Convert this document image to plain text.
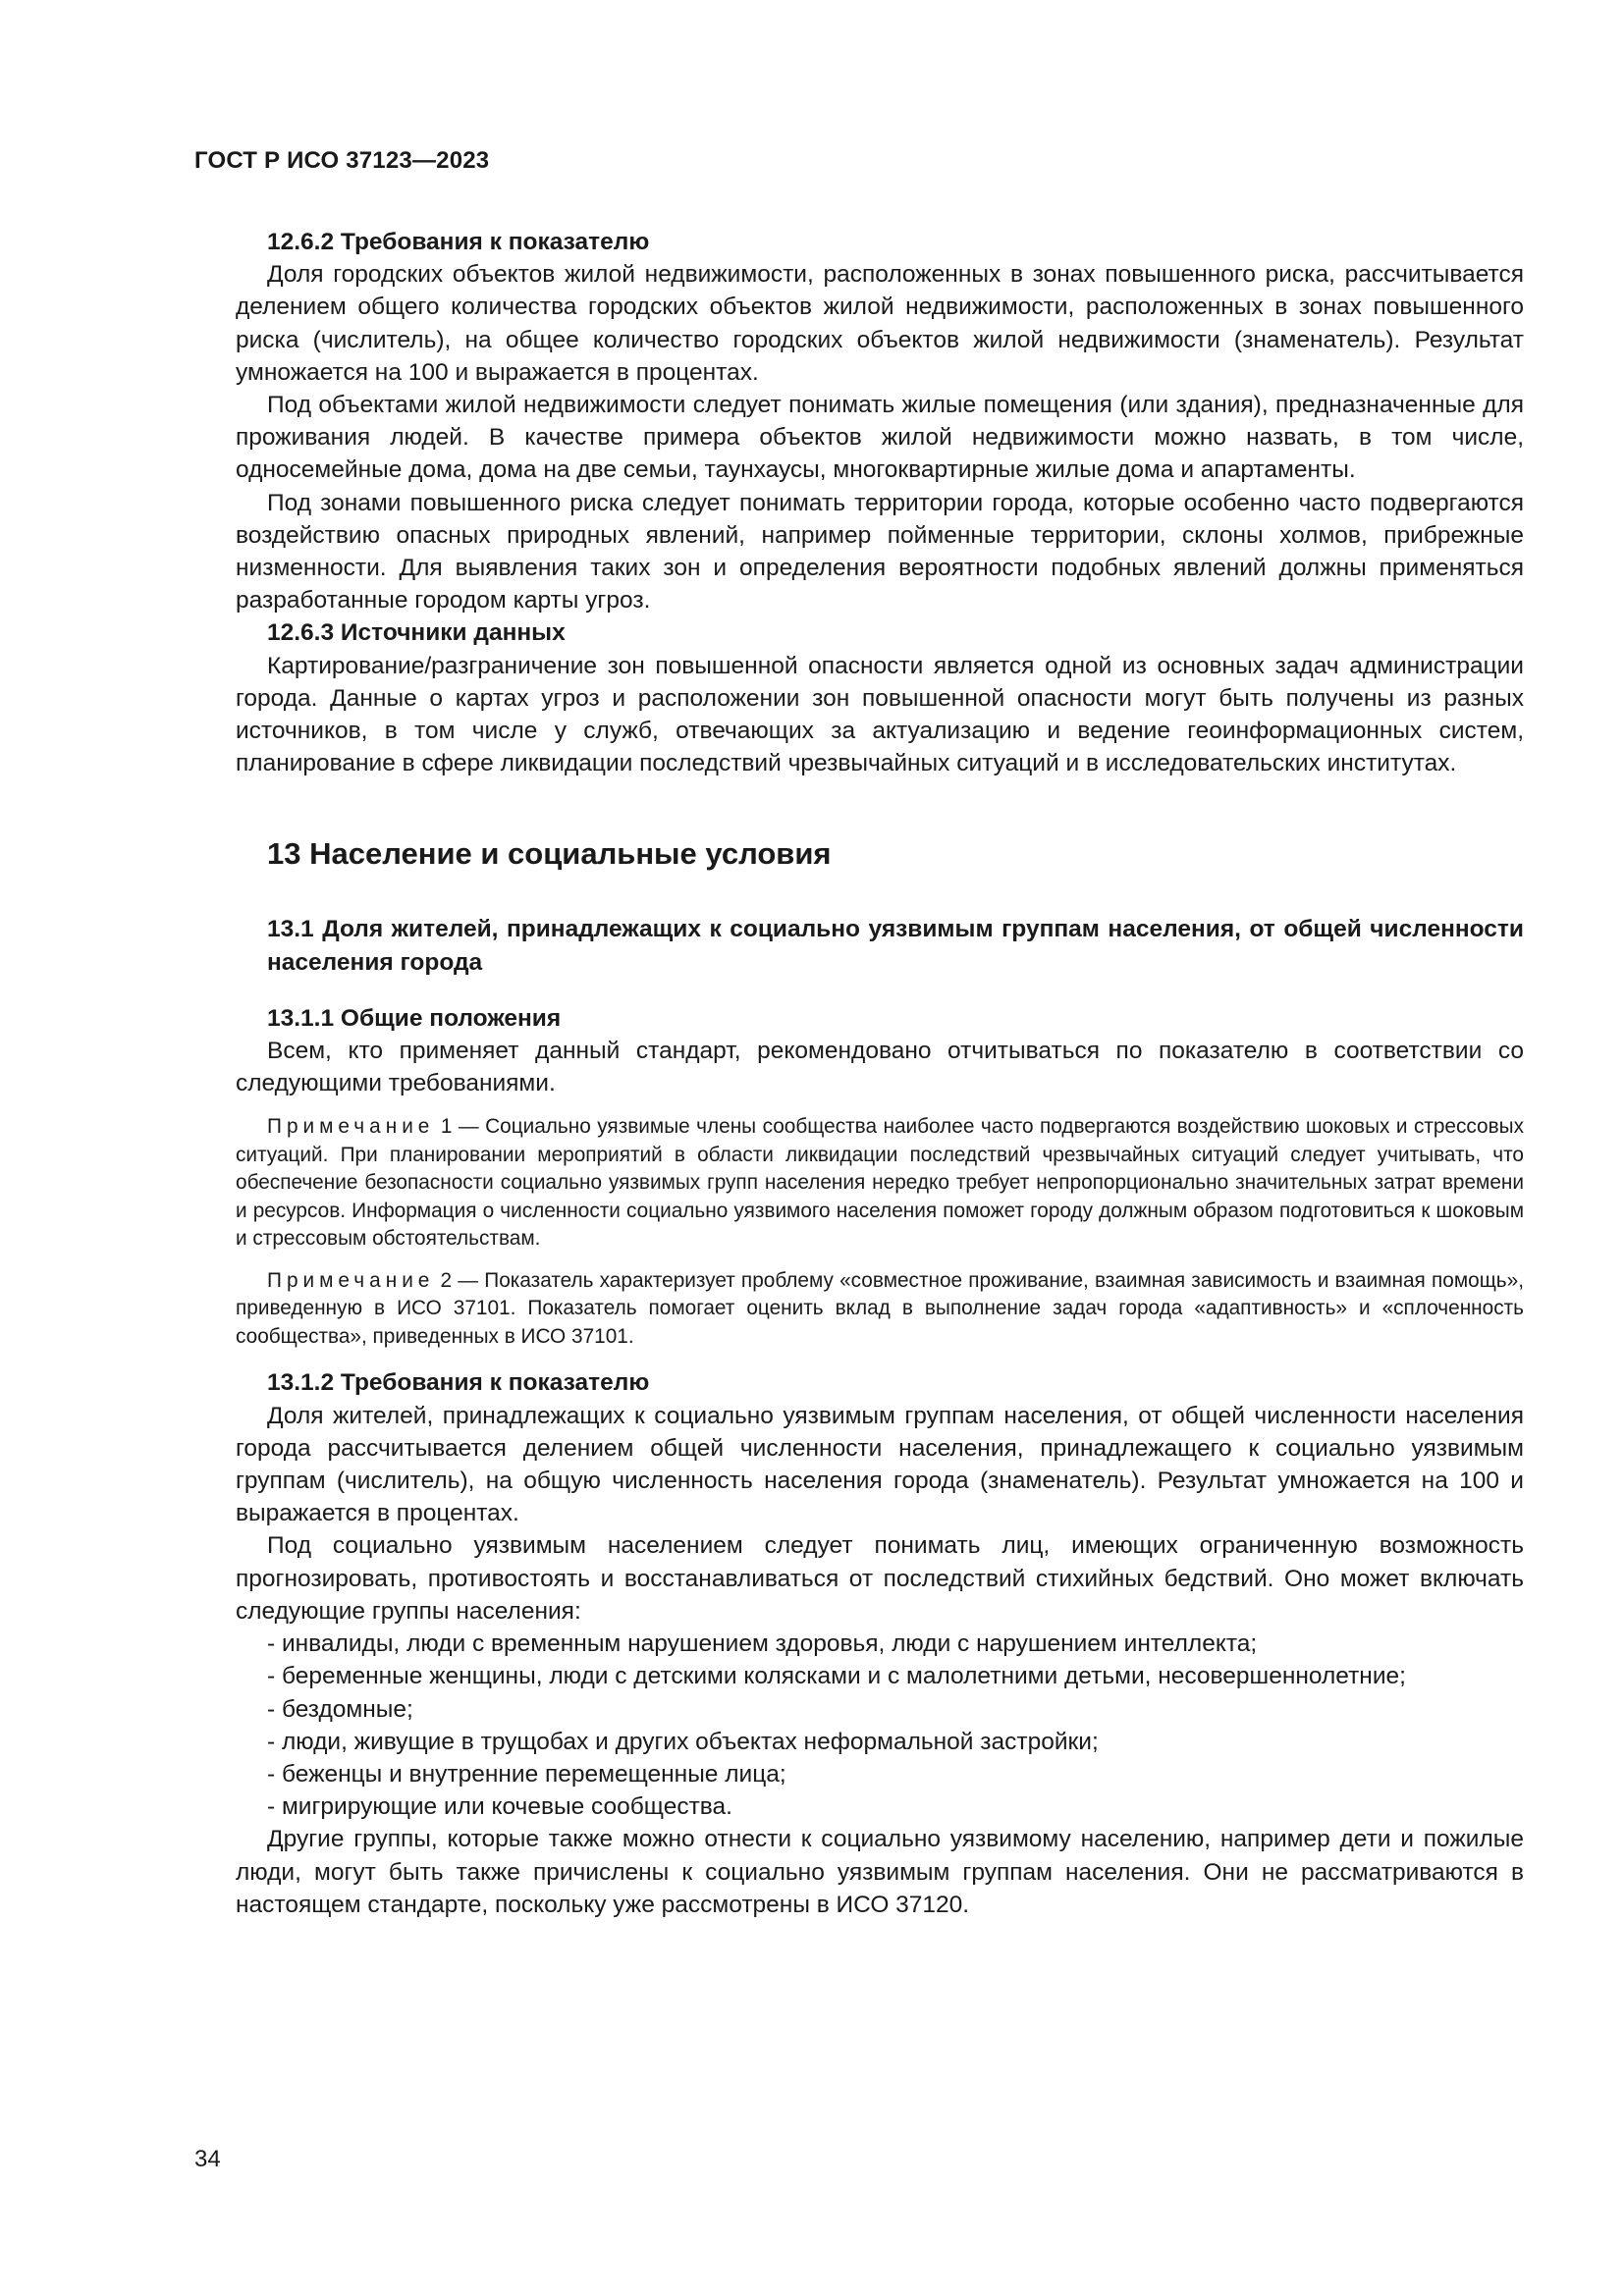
ГОСТ Р ИСО 37123—2023

12.6.2 Требования к показателю

Доля городских объектов жилой недвижимости, расположенных в зонах повышенного риска, рассчитывается делением общего количества городских объектов жилой недвижимости, расположенных в зонах повышенного риска (числитель), на общее количество городских объектов жилой недвижимости (знаменатель). Результат умножается на 100 и выражается в процентах.

Под объектами жилой недвижимости следует понимать жилые помещения (или здания), предназначенные для проживания людей. В качестве примера объектов жилой недвижимости можно назвать, в том числе, односемейные дома, дома на две семьи, таунхаусы, многоквартирные жилые дома и апартаменты.

Под зонами повышенного риска следует понимать территории города, которые особенно часто подвергаются воздействию опасных природных явлений, например пойменные территории, склоны холмов, прибрежные низменности. Для выявления таких зон и определения вероятности подобных явлений должны применяться разработанные городом карты угроз.

12.6.3 Источники данных

Картирование/разграничение зон повышенной опасности является одной из основных задач администрации города. Данные о картах угроз и расположении зон повышенной опасности могут быть получены из разных источников, в том числе у служб, отвечающих за актуализацию и ведение геоинформационных систем, планирование в сфере ликвидации последствий чрезвычайных ситуаций и в исследовательских институтах.

13 Население и социальные условия

13.1 Доля жителей, принадлежащих к социально уязвимым группам населения, от общей численности населения города

13.1.1 Общие положения

Всем, кто применяет данный стандарт, рекомендовано отчитываться по показателю в соответствии со следующими требованиями.

Примечание 1 — Социально уязвимые члены сообщества наиболее часто подвергаются воздействию шоковых и стрессовых ситуаций. При планировании мероприятий в области ликвидации последствий чрезвычайных ситуаций следует учитывать, что обеспечение безопасности социально уязвимых групп населения нередко требует непропорционально значительных затрат времени и ресурсов. Информация о численности социально уязвимого населения поможет городу должным образом подготовиться к шоковым и стрессовым обстоятельствам.

Примечание 2 — Показатель характеризует проблему «совместное проживание, взаимная зависимость и взаимная помощь», приведенную в ИСО 37101. Показатель помогает оценить вклад в выполнение задач города «адаптивность» и «сплоченность сообщества», приведенных в ИСО 37101.

13.1.2 Требования к показателю

Доля жителей, принадлежащих к социально уязвимым группам населения, от общей численности населения города рассчитывается делением общей численности населения, принадлежащего к социально уязвимым группам (числитель), на общую численность населения города (знаменатель). Результат умножается на 100 и выражается в процентах.

Под социально уязвимым населением следует понимать лиц, имеющих ограниченную возможность прогнозировать, противостоять и восстанавливаться от последствий стихийных бедствий. Оно может включать следующие группы населения:

- инвалиды, люди с временным нарушением здоровья, люди с нарушением интеллекта;

- беременные женщины, люди с детскими колясками и с малолетними детьми, несовершеннолетние;

- бездомные;

- люди, живущие в трущобах и других объектах неформальной застройки;

- беженцы и внутренние перемещенные лица;

- мигрирующие или кочевые сообщества.

Другие группы, которые также можно отнести к социально уязвимому населению, например дети и пожилые люди, могут быть также причислены к социально уязвимым группам населения. Они не рассматриваются в настоящем стандарте, поскольку уже рассмотрены в ИСО 37120.

34
